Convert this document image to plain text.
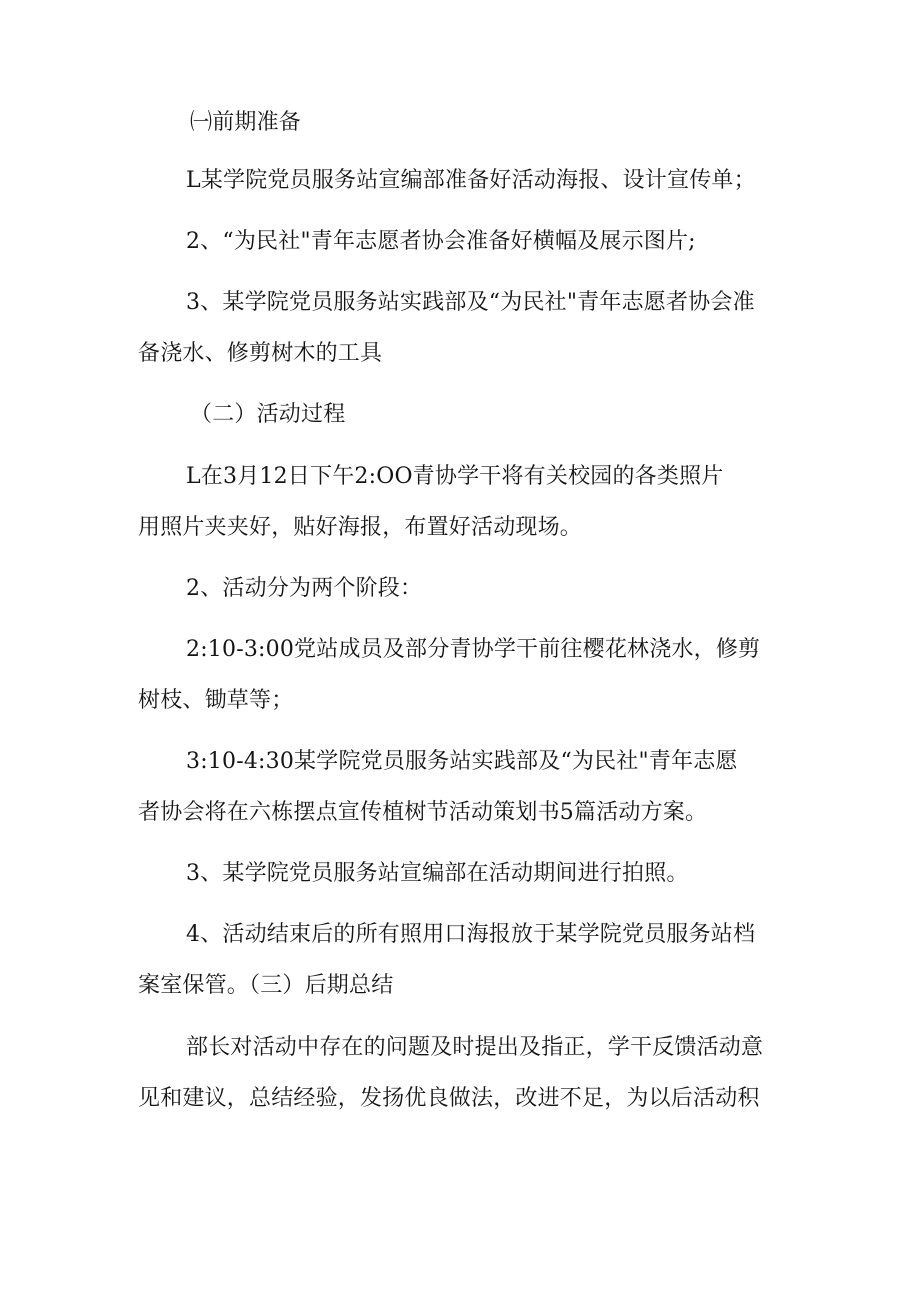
㈠前期准备
L某学院党员服务站宣编部准备好活动海报、设计宣传单；
2、“为民社"青年志愿者协会准备好横幅及展示图片;
3、某学院党员服务站实践部及“为民社"青年志愿者协会准
备浇水、修剪树木的工具
（二）活动过程
L在3月12日下午2:OO青协学干将有关校园的各类照片
用照片夹夹好，贴好海报，布置好活动现场。
2、活动分为两个阶段：
2:10-3:00党站成员及部分青协学干前往樱花林浇水，修剪
树枝、锄草等；
3:10-4:30某学院党员服务站实践部及“为民社"青年志愿
者协会将在六栋摆点宣传植树节活动策划书5篇活动方案。
3、某学院党员服务站宣编部在活动期间进行拍照。
4、活动结束后的所有照用口海报放于某学院党员服务站档
案室保管。（三）后期总结
部长对活动中存在的问题及时提出及指正，学干反馈活动意
见和建议，总结经验，发扬优良做法，改进不足，为以后活动积
